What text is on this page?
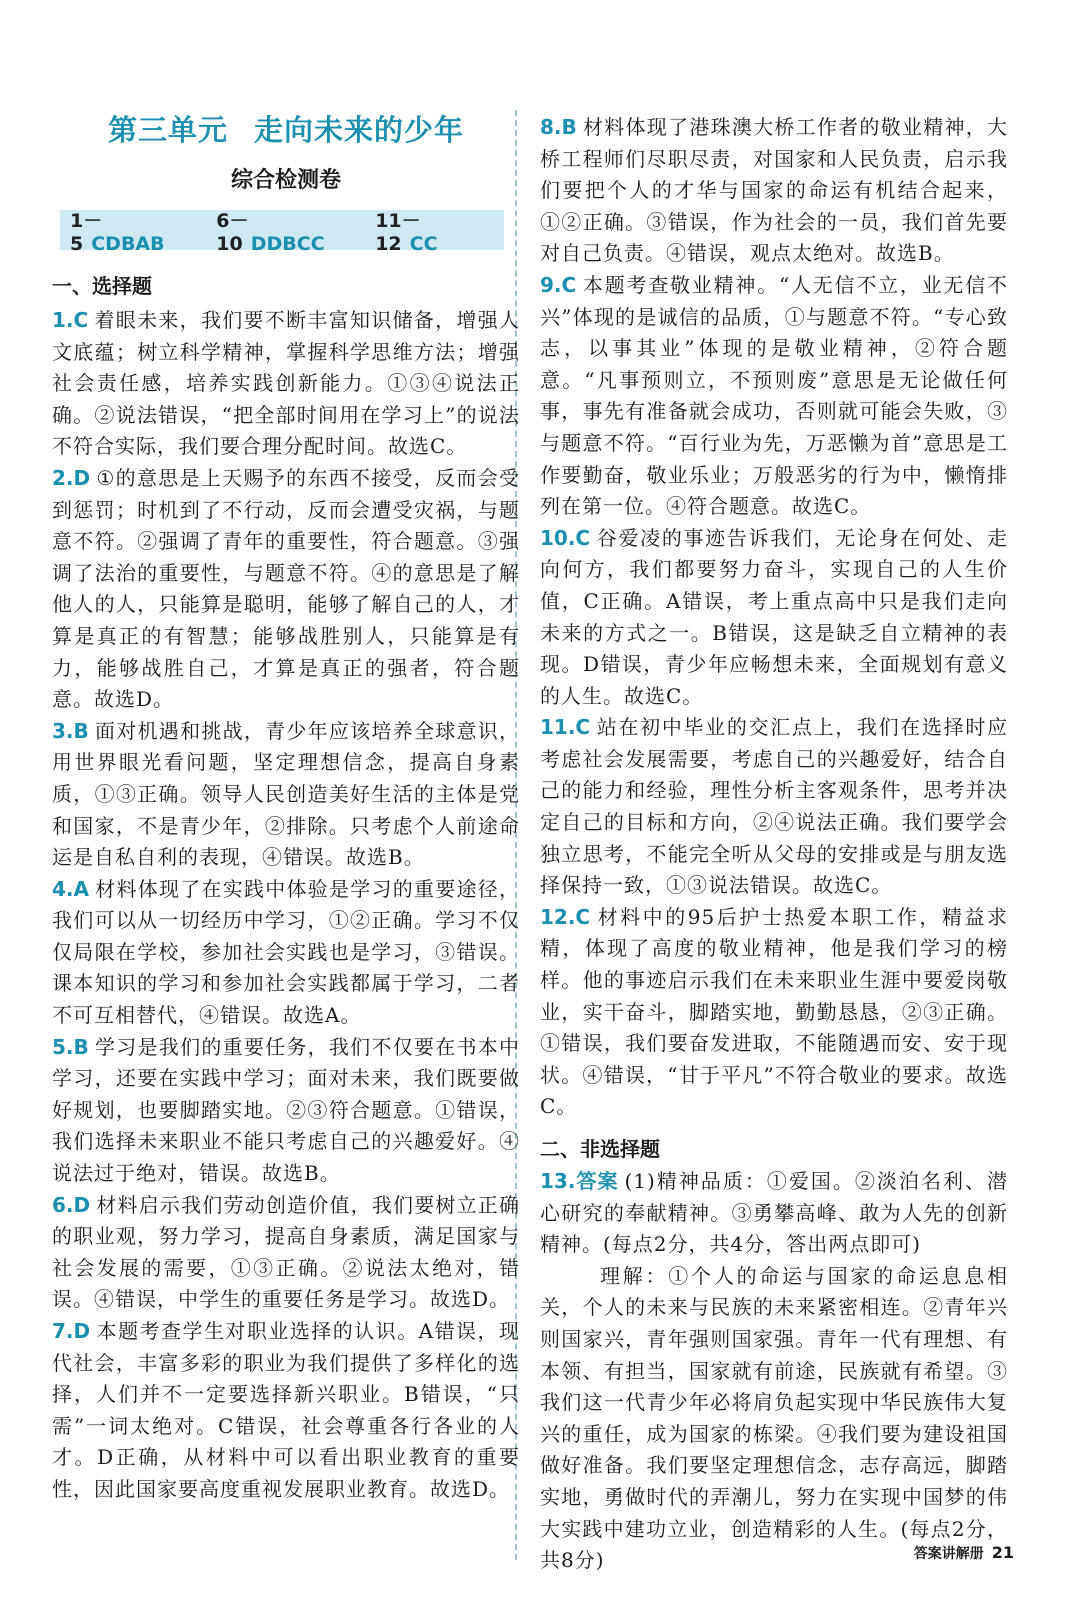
第三单元 走向未来的少年
综合检测卷
1－5 CDBAB
6－10 DDBCC
11－12 CC
一、选择题

1.C 着眼未来，我们要不断丰富知识储备，增强人文底蕴；树立科学精神，掌握科学思维方法；增强社会责任感，培养实践创新能力。①③④说法正确。②说法错误，“把全部时间用在学习上”的说法不符合实际，我们要合理分配时间。故选C。

2.D ①的意思是上天赐予的东西不接受，反而会受到惩罚；时机到了不行动，反而会遭受灾祸，与题意不符。②强调了青年的重要性，符合题意。③强调了法治的重要性，与题意不符。④的意思是了解他人的人，只能算是聪明，能够了解自己的人，才算是真正的有智慧；能够战胜别人，只能算是有力，能够战胜自己，才算是真正的强者，符合题意。故选D。

3.B 面对机遇和挑战，青少年应该培养全球意识，用世界眼光看问题，坚定理想信念，提高自身素质，①③正确。领导人民创造美好生活的主体是党和国家，不是青少年，②排除。只考虑个人前途命运是自私自利的表现，④错误。故选B。

4.A 材料体现了在实践中体验是学习的重要途径，我们可以从一切经历中学习，①②正确。学习不仅仅局限在学校，参加社会实践也是学习，③错误。课本知识的学习和参加社会实践都属于学习，二者不可互相替代，④错误。故选A。

5.B 学习是我们的重要任务，我们不仅要在书本中学习，还要在实践中学习；面对未来，我们既要做好规划，也要脚踏实地。②③符合题意。①错误，我们选择未来职业不能只考虑自己的兴趣爱好。④说法过于绝对，错误。故选B。

6.D 材料启示我们劳动创造价值，我们要树立正确的职业观，努力学习，提高自身素质，满足国家与社会发展的需要，①③正确。②说法太绝对，错误。④错误，中学生的重要任务是学习。故选D。

7.D 本题考查学生对职业选择的认识。A错误，现代社会，丰富多彩的职业为我们提供了多样化的选择，人们并不一定要选择新兴职业。B错误，“只需”一词太绝对。C错误，社会尊重各行各业的人才。D正确，从材料中可以看出职业教育的重要性，因此国家要高度重视发展职业教育。故选D。

8.B 材料体现了港珠澳大桥工作者的敬业精神，大桥工程师们尽职尽责，对国家和人民负责，启示我们要把个人的才华与国家的命运有机结合起来，①②正确。③错误，作为社会的一员，我们首先要对自己负责。④错误，观点太绝对。故选B。

9.C 本题考查敬业精神。“人无信不立，业无信不兴”体现的是诚信的品质，①与题意不符。“专心致志，以事其业”体现的是敬业精神，②符合题意。“凡事预则立，不预则废”意思是无论做任何事，事先有准备就会成功，否则就可能会失败，③与题意不符。“百行业为先，万恶懒为首”意思是工作要勤奋，敬业乐业；万般恶劣的行为中，懒惰排列在第一位。④符合题意。故选C。

10.C 谷爱凌的事迹告诉我们，无论身在何处、走向何方，我们都要努力奋斗，实现自己的人生价值，C正确。A错误，考上重点高中只是我们走向未来的方式之一。B错误，这是缺乏自立精神的表现。D错误，青少年应畅想未来，全面规划有意义的人生。故选C。

11.C 站在初中毕业的交汇点上，我们在选择时应考虑社会发展需要，考虑自己的兴趣爱好，结合自己的能力和经验，理性分析主客观条件，思考并决定自己的目标和方向，②④说法正确。我们要学会独立思考，不能完全听从父母的安排或是与朋友选择保持一致，①③说法错误。故选C。

12.C 材料中的95后护士热爱本职工作，精益求精，体现了高度的敬业精神，他是我们学习的榜样。他的事迹启示我们在未来职业生涯中要爱岗敬业，实干奋斗，脚踏实地，勤勤恳恳，②③正确。①错误，我们要奋发进取，不能随遇而安、安于现状。④错误，“甘于平凡”不符合敬业的要求。故选C。

二、非选择题

13.答案 (1)精神品质：①爱国。②淡泊名利、潜心研究的奉献精神。③勇攀高峰、敢为人先的创新精神。(每点2分，共4分，答出两点即可)

理解：①个人的命运与国家的命运息息相关，个人的未来与民族的未来紧密相连。②青年兴则国家兴，青年强则国家强。青年一代有理想、有本领、有担当，国家就有前途，民族就有希望。③我们这一代青少年必将肩负起实现中华民族伟大复兴的重任，成为国家的栋梁。④我们要为建设祖国做好准备。我们要坚定理想信念，志存高远，脚踏实地，勇做时代的弄潮儿，努力在实现中国梦的伟大实践中建功立业，创造精彩的人生。(每点2分，共8分)	答案讲解册 21
